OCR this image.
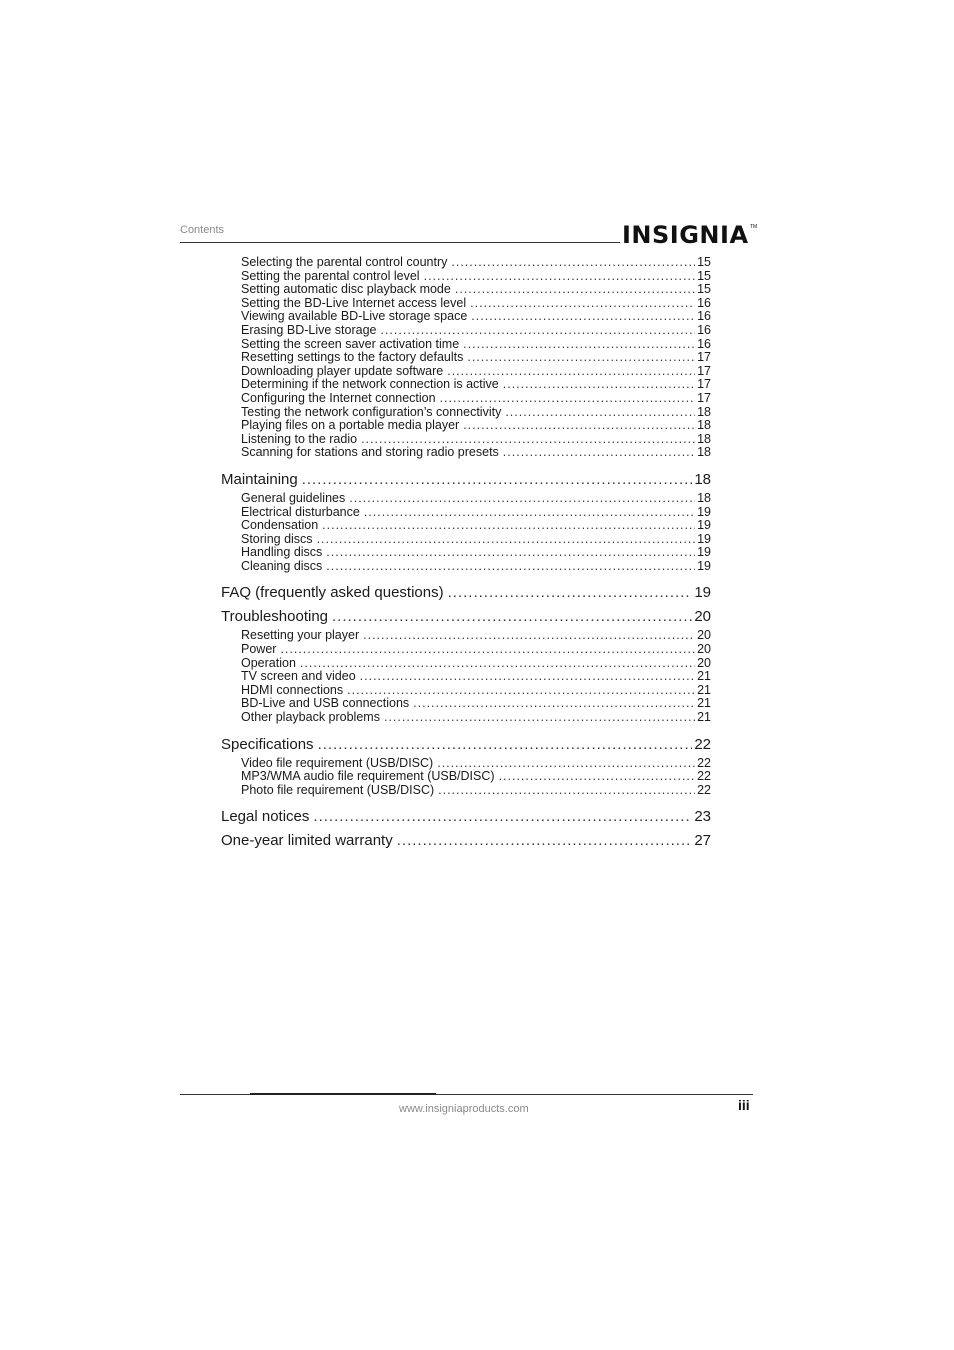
Contents	INSIGNIA TM
Selecting the parental control country .....	15
Setting the parental control level .....	15
Setting automatic disc playback mode .....	15
Setting the BD-Live Internet access level .....	16
Viewing available BD-Live storage space .....	16
Erasing BD-Live storage .....	16
Setting the screen saver activation time .....	16
Resetting settings to the factory defaults .....	17
Downloading player update software .....	17
Determining if the network connection is active .....	17
Configuring the Internet connection .....	17
Testing the network configuration’s connectivity .....	18
Playing files on a portable media player .....	18
Listening to the radio .....	18
Scanning for stations and storing radio presets .....	18
Maintaining .....	18
General guidelines .....	18
Electrical disturbance .....	19
Condensation .....	19
Storing discs .....	19
Handling discs .....	19
Cleaning discs .....	19
FAQ (frequently asked questions) .....	19
Troubleshooting .....	20
Resetting your player .....	20
Power .....	20
Operation .....	20
TV screen and video .....	21
HDMI connections .....	21
BD-Live and USB connections .....	21
Other playback problems .....	21
Specifications .....	22
Video file requirement (USB/DISC) .....	22
MP3/WMA audio file requirement (USB/DISC) .....	22
Photo file requirement (USB/DISC) .....	22
Legal notices .....	23
One-year limited warranty .....	27
www.insigniaproducts.com	iii
